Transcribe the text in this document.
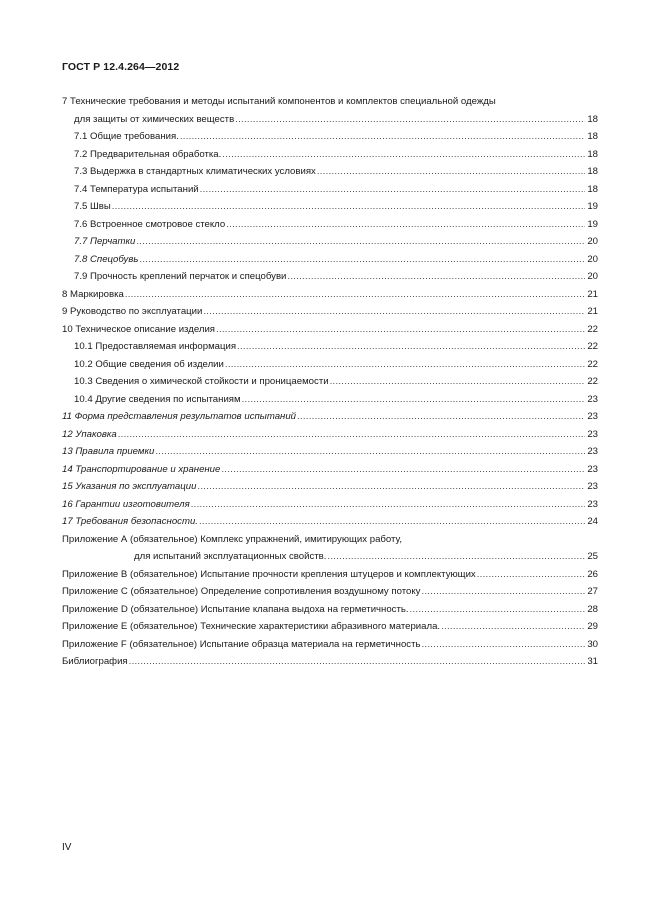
ГОСТ Р 12.4.264—2012
7 Технические требования и методы испытаний компонентов и комплектов специальной одежды
для защиты от химических веществ . . .	18
7.1 Общие требования. . . .	18
7.2 Предварительная обработка. . . .	18
7.3 Выдержка в стандартных климатических условиях . . .	18
7.4 Температура испытаний . . .	18
7.5 Швы . . .	19
7.6 Встроенное смотровое стекло . . .	19
7.7 Перчатки . . .	20
7.8 Спецобувь . . .	20
7.9 Прочность креплений перчаток и спецобуви . . .	20
8 Маркировка . . .	21
9 Руководство по эксплуатации . . .	21
10 Техническое описание изделия . . .	22
10.1 Предоставляемая информация . . .	22
10.2 Общие сведения об изделии . . .	22
10.3 Сведения о химической стойкости и проницаемости . . .	22
10.4 Другие сведения по испытаниям . . .	23
11 Форма представления результатов испытаний . . .	23
12 Упаковка . . .	23
13 Правила приемки . . .	23
14 Транспортирование и хранение . . .	23
15 Указания по эксплуатации . . .	23
16 Гарантии изготовителя . . .	23
17 Требования безопасности. . . .	24
Приложение А (обязательное) Комплекс упражнений, имитирующих работу,
для испытаний эксплуатационных свойств. . . .	25
Приложение В (обязательное) Испытание прочности крепления штуцеров и комплектующих . . .	26
Приложение С (обязательное) Определение сопротивления воздушному потоку . . .	27
Приложение D (обязательное) Испытание клапана выдоха на герметичность. . . .	28
Приложение Е (обязательное) Технические характеристики абразивного материала. . . .	29
Приложение F (обязательное) Испытание образца материала на герметичность . . .	30
Библиография . . .	31
IV
